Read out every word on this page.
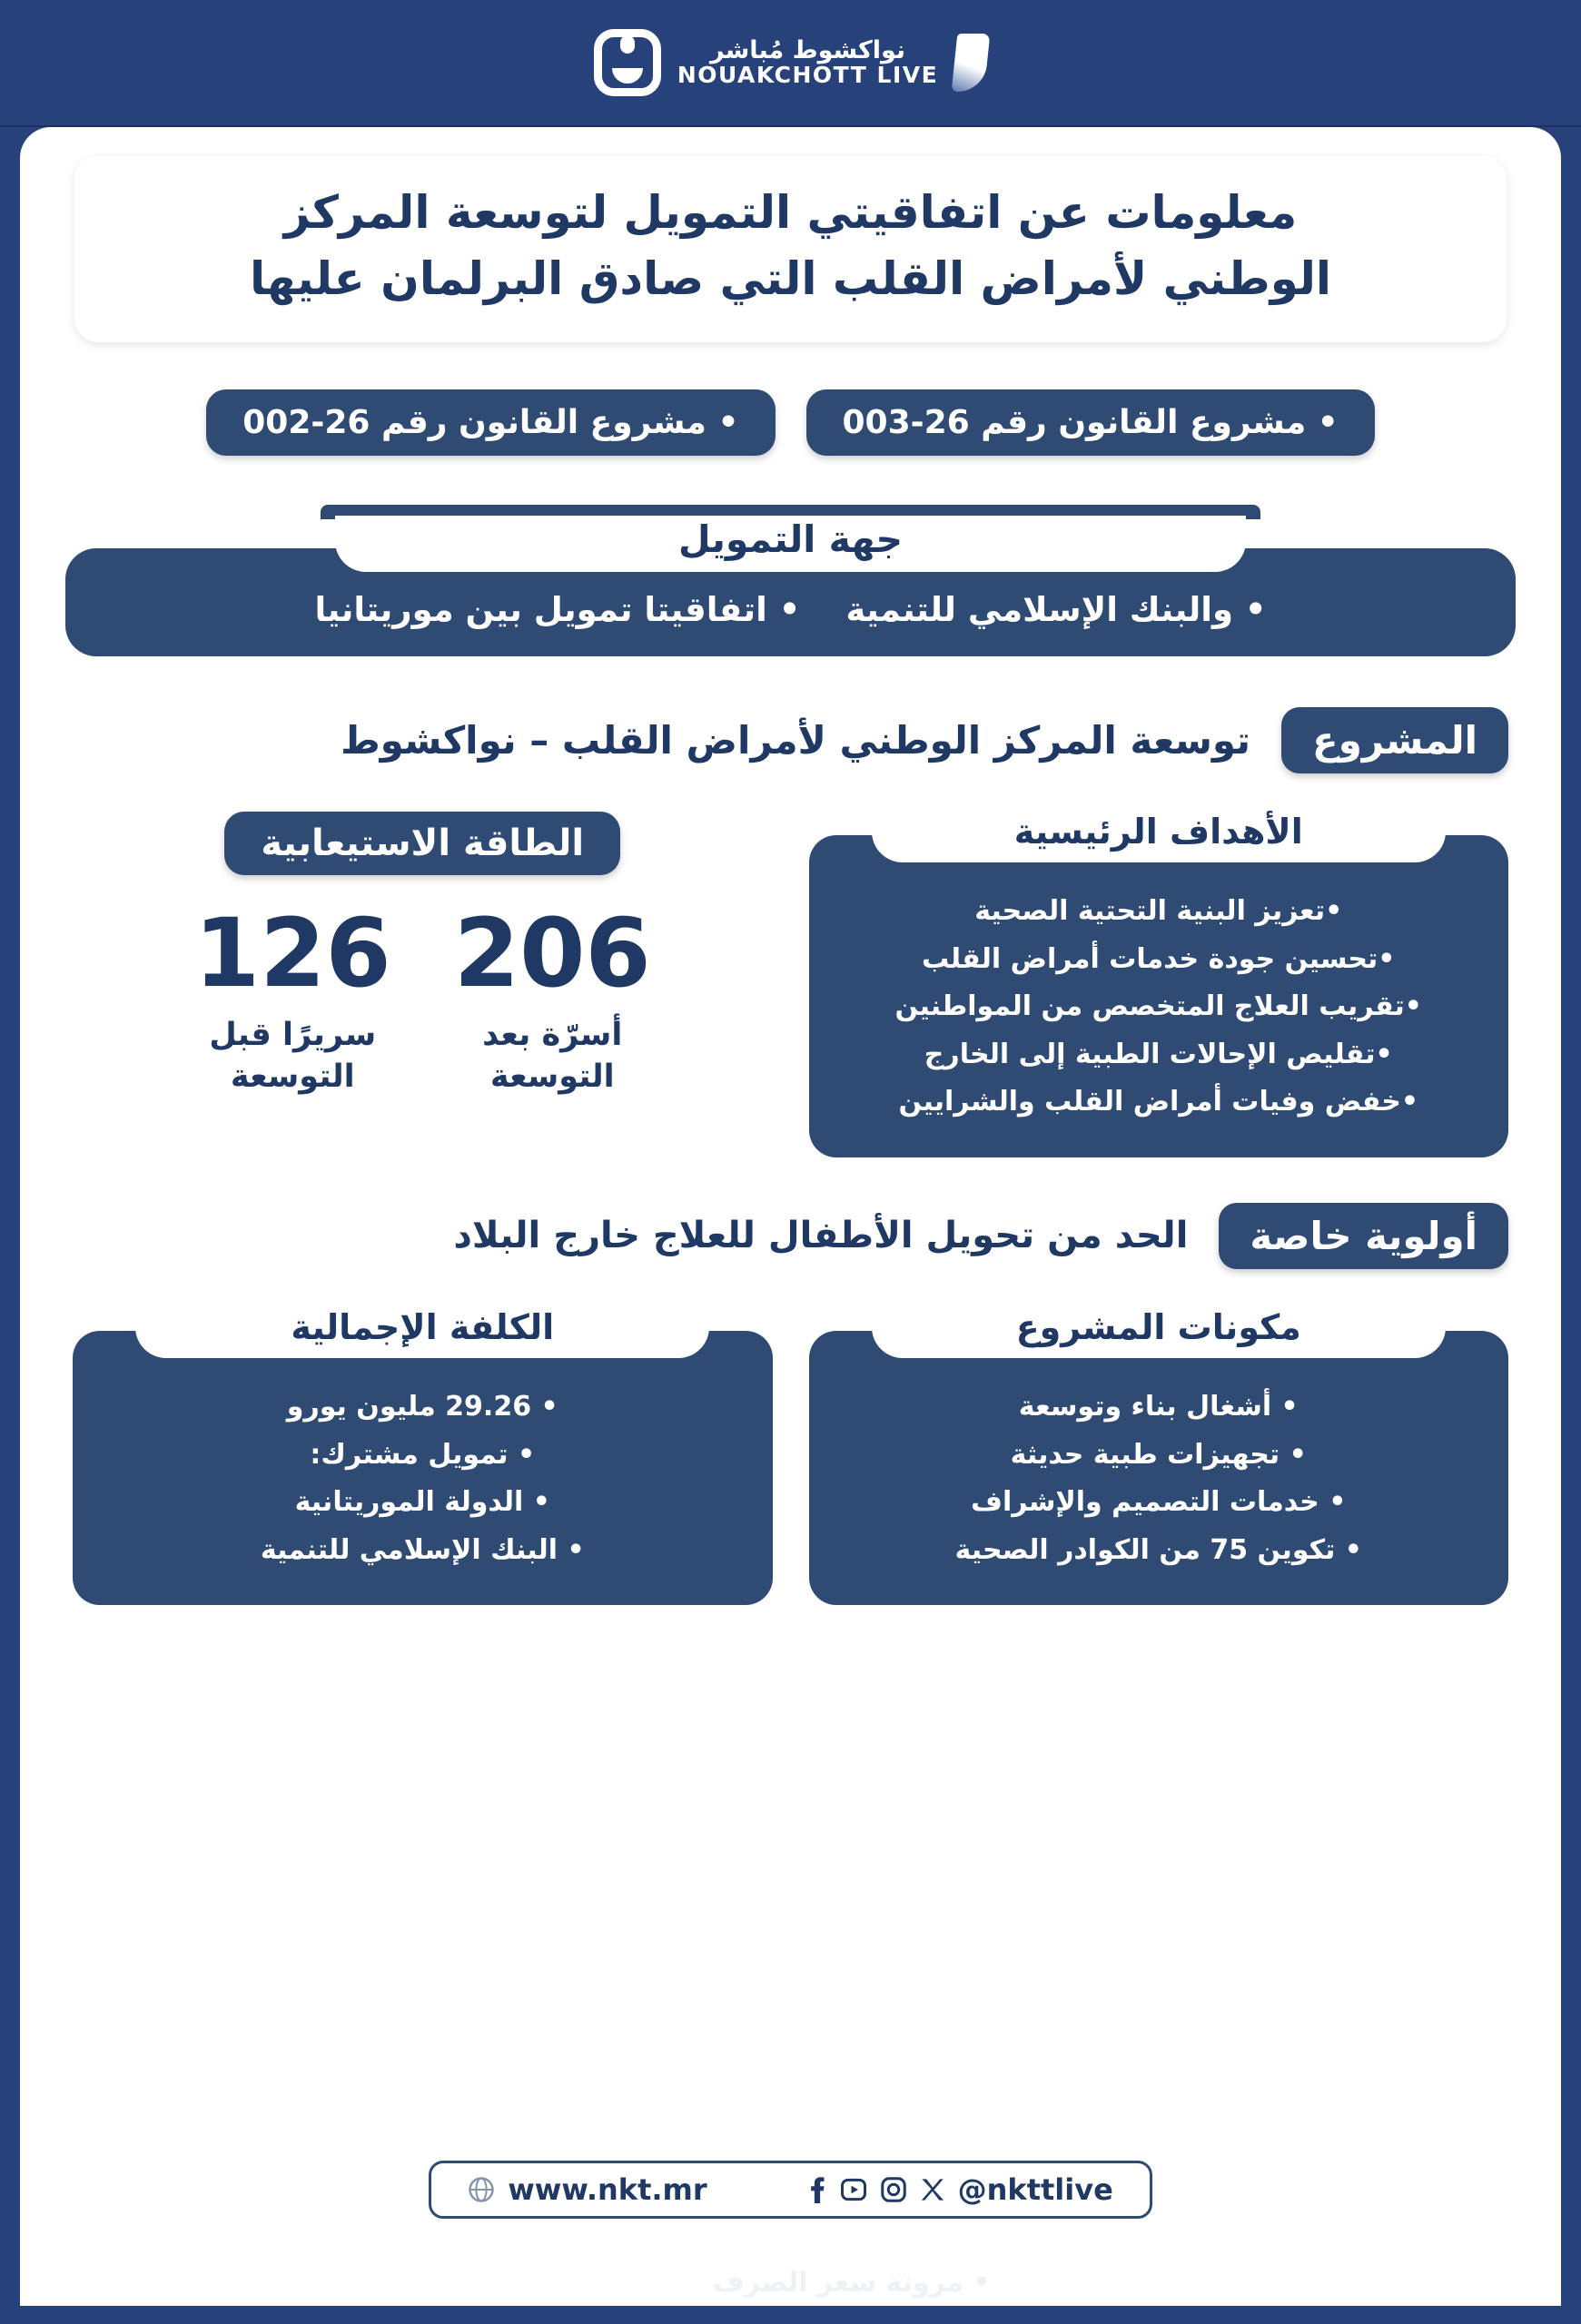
نواكشوط مُباشر
NOUAKCHOTT LIVE
معلومات عن اتفاقيتي التمويل لتوسعة المركز
الوطني لأمراض القلب التي صادق البرلمان عليها
• مشروع القانون رقم 26-003
• مشروع القانون رقم 26-002
جهة التمويل
• والبنك الإسلامي للتنمية
• اتفاقيتا تمويل بين موريتانيا
المشروع
توسعة المركز الوطني لأمراض القلب – نواكشوط
الأهداف الرئيسية
•تعزيز البنية التحتية الصحية
•تحسين جودة خدمات أمراض القلب
•تقريب العلاج المتخصص من المواطنين
•تقليص الإحالات الطبية إلى الخارج
•خفض وفيات أمراض القلب والشرايين
الطاقة الاستيعابية
206
أسرّة بعد التوسعة
126
سريرًا قبل التوسعة
أولوية خاصة
الحد من تحويل الأطفال للعلاج خارج البلاد
مكونات المشروع
• أشغال بناء وتوسعة
• تجهيزات طبية حديثة
• خدمات التصميم والإشراف
• تكوين 75 من الكوادر الصحية
الكلفة الإجمالية
• 29.26 مليون يورو
• تمويل مشترك:
• الدولة الموريتانية
• البنك الإسلامي للتنمية
• مرونة سعر الصرف
www.nkt.mr	@nkttlive
